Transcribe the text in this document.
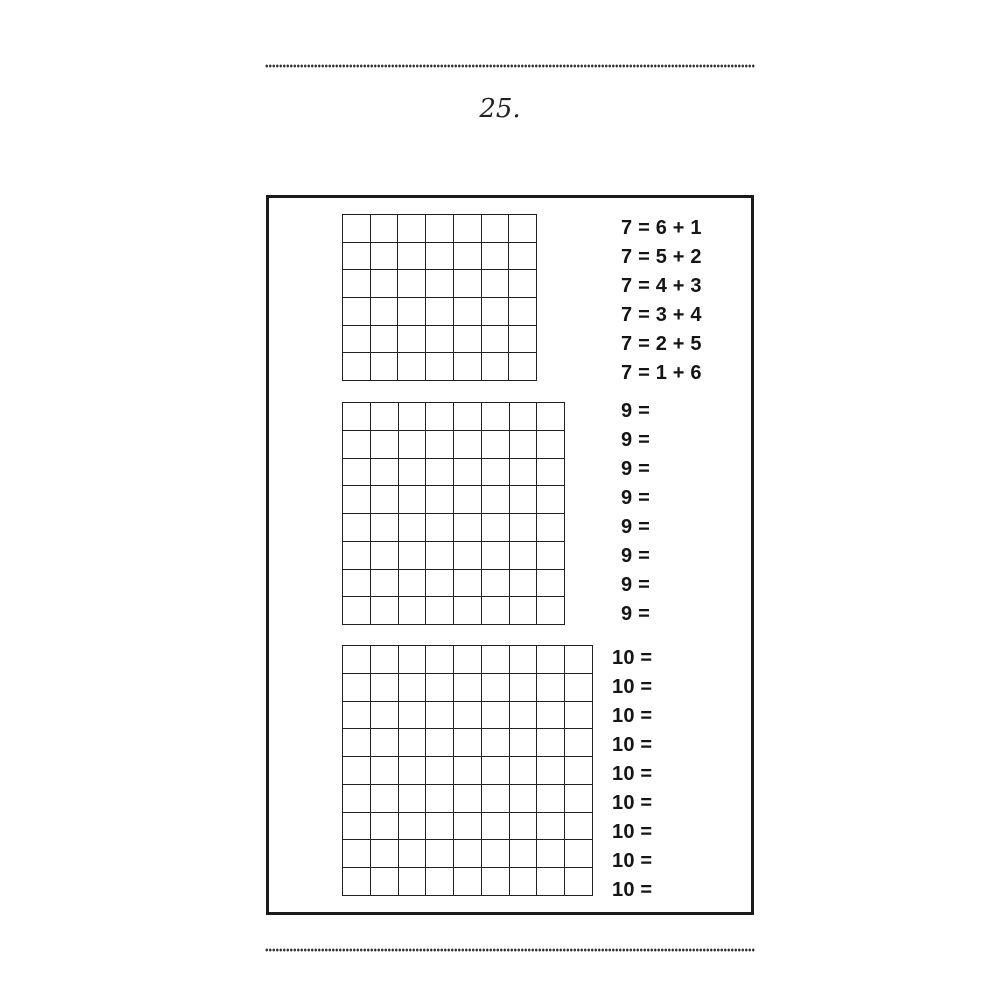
25.
7 = 6 + 1
7 = 5 + 2
7 = 4 + 3
7 = 3 + 4
7 = 2 + 5
7 = 1 + 6
9 =
9 =
9 =
9 =
9 =
9 =
9 =
9 =
10 =
10 =
10 =
10 =
10 =
10 =
10 =
10 =
10 =
